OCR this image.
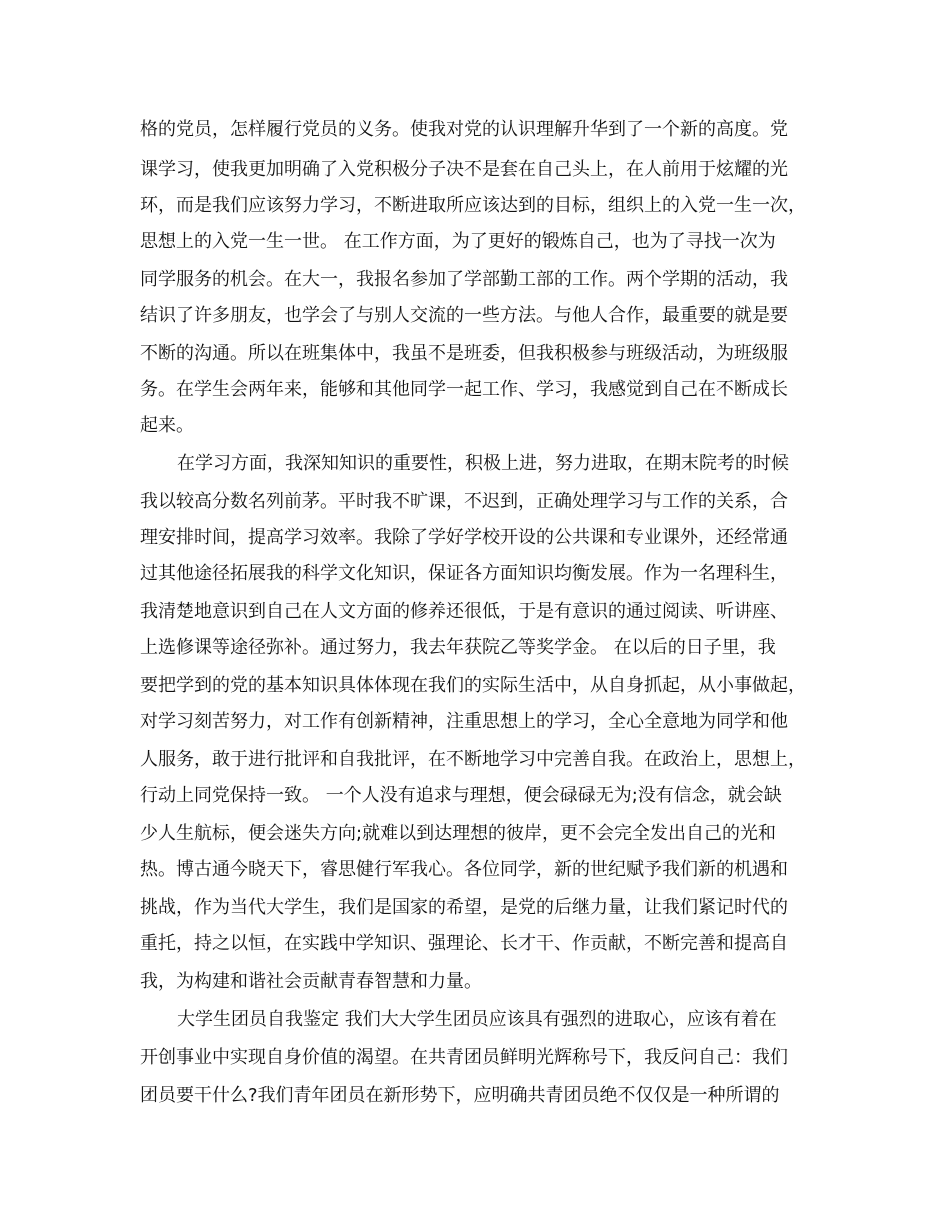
格的党员，怎样履行党员的义务。使我对党的认识理解升华到了一个新的高度。党
课学习，使我更加明确了入党积极分子决不是套在自己头上，在人前用于炫耀的光
环，而是我们应该努力学习，不断进取所应该达到的目标，组织上的入党一生一次，
思想上的入党一生一世。 在工作方面，为了更好的锻炼自己，也为了寻找一次为
同学服务的机会。在大一，我报名参加了学部勤工部的工作。两个学期的活动，我
结识了许多朋友，也学会了与别人交流的一些方法。与他人合作，最重要的就是要
不断的沟通。所以在班集体中，我虽不是班委，但我积极参与班级活动，为班级服
务。在学生会两年来，能够和其他同学一起工作、学习，我感觉到自己在不断成长
起来。
在学习方面，我深知知识的重要性，积极上进，努力进取，在期末院考的时候
我以较高分数名列前茅。平时我不旷课，不迟到，正确处理学习与工作的关系，合
理安排时间，提高学习效率。我除了学好学校开设的公共课和专业课外，还经常通
过其他途径拓展我的科学文化知识，保证各方面知识均衡发展。作为一名理科生，
我清楚地意识到自己在人文方面的修养还很低，于是有意识的通过阅读、听讲座、
上选修课等途径弥补。通过努力，我去年获院乙等奖学金。 在以后的日子里，我
要把学到的党的基本知识具体体现在我们的实际生活中，从自身抓起，从小事做起，
对学习刻苦努力，对工作有创新精神，注重思想上的学习，全心全意地为同学和他
人服务，敢于进行批评和自我批评，在不断地学习中完善自我。在政治上，思想上，
行动上同党保持一致。 一个人没有追求与理想，便会碌碌无为;没有信念，就会缺
少人生航标，便会迷失方向;就难以到达理想的彼岸，更不会完全发出自己的光和
热。博古通今晓天下，睿思健行军我心。各位同学，新的世纪赋予我们新的机遇和
挑战，作为当代大学生，我们是国家的希望，是党的后继力量，让我们紧记时代的
重托，持之以恒，在实践中学知识、强理论、长才干、作贡献，不断完善和提高自
我，为构建和谐社会贡献青春智慧和力量。
大学生团员自我鉴定 我们大大学生团员应该具有强烈的进取心，应该有着在
开创事业中实现自身价值的渴望。在共青团员鲜明光辉称号下，我反问自己：我们
团员要干什么?我们青年团员在新形势下，应明确共青团员绝不仅仅是一种所谓的
